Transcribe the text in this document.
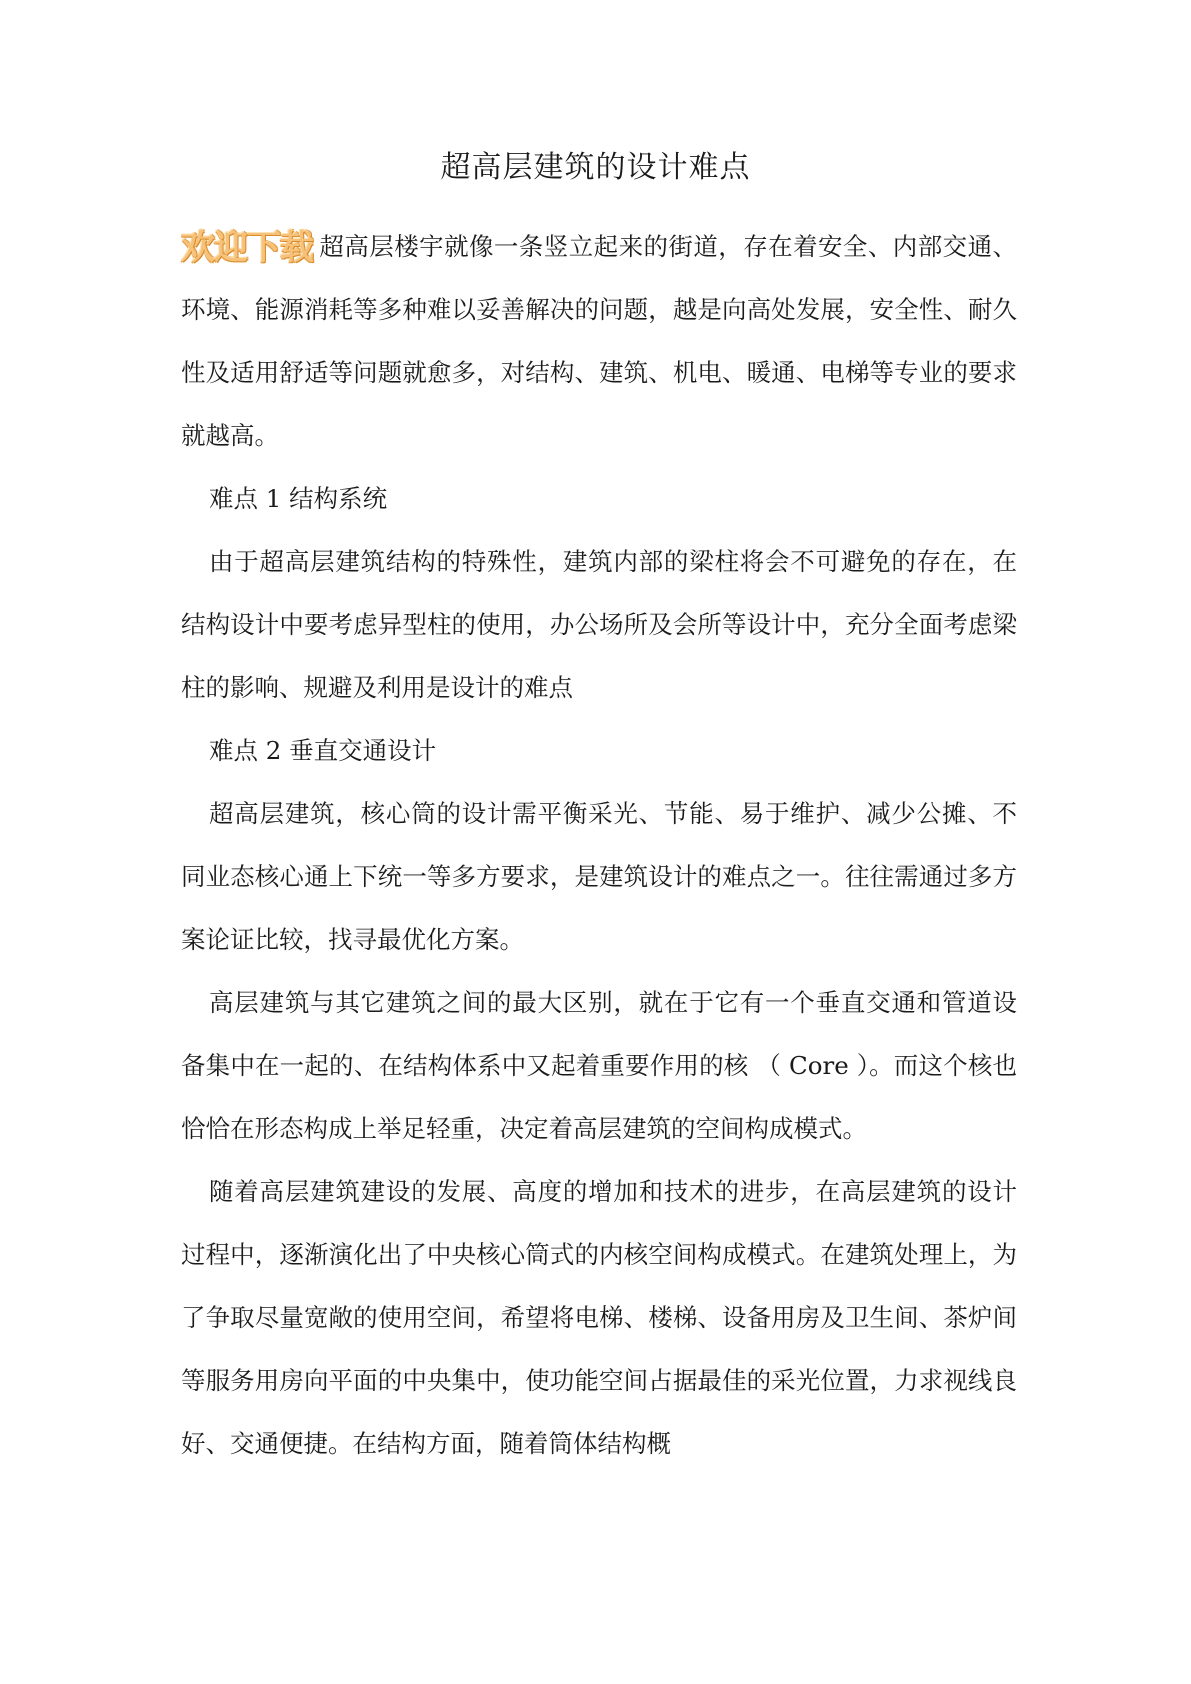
超高层建筑的设计难点

欢迎下载 超高层楼宇就像一条竖立起来的街道，存在着安全、内部交通、环境、能源消耗等多种难以妥善解决的问题，越是向高处发展，安全性、耐久性及适用舒适等问题就愈多，对结构、建筑、机电、暖通、电梯等专业的要求就越高。

难点 1 结构系统

由于超高层建筑结构的特殊性，建筑内部的梁柱将会不可避免的存在，在结构设计中要考虑异型柱的使用，办公场所及会所等设计中，充分全面考虑梁柱的影响、规避及利用是设计的难点

难点 2 垂直交通设计

超高层建筑，核心筒的设计需平衡采光、节能、易于维护、减少公摊、不同业态核心通上下统一等多方要求，是建筑设计的难点之一。往往需通过多方案论证比较，找寻最优化方案。

高层建筑与其它建筑之间的最大区别，就在于它有一个垂直交通和管道设备集中在一起的、在结构体系中又起着重要作用的核 （ Core ）。而这个核也恰恰在形态构成上举足轻重，决定着高层建筑的空间构成模式。

随着高层建筑建设的发展、高度的增加和技术的进步，在高层建筑的设计过程中，逐渐演化出了中央核心筒式的内核空间构成模式。在建筑处理上，为了争取尽量宽敞的使用空间，希望将电梯、楼梯、设备用房及卫生间、茶炉间等服务用房向平面的中央集中，使功能空间占据最佳的采光位置，力求视线良好、交通便捷。在结构方面，随着筒体结构概
